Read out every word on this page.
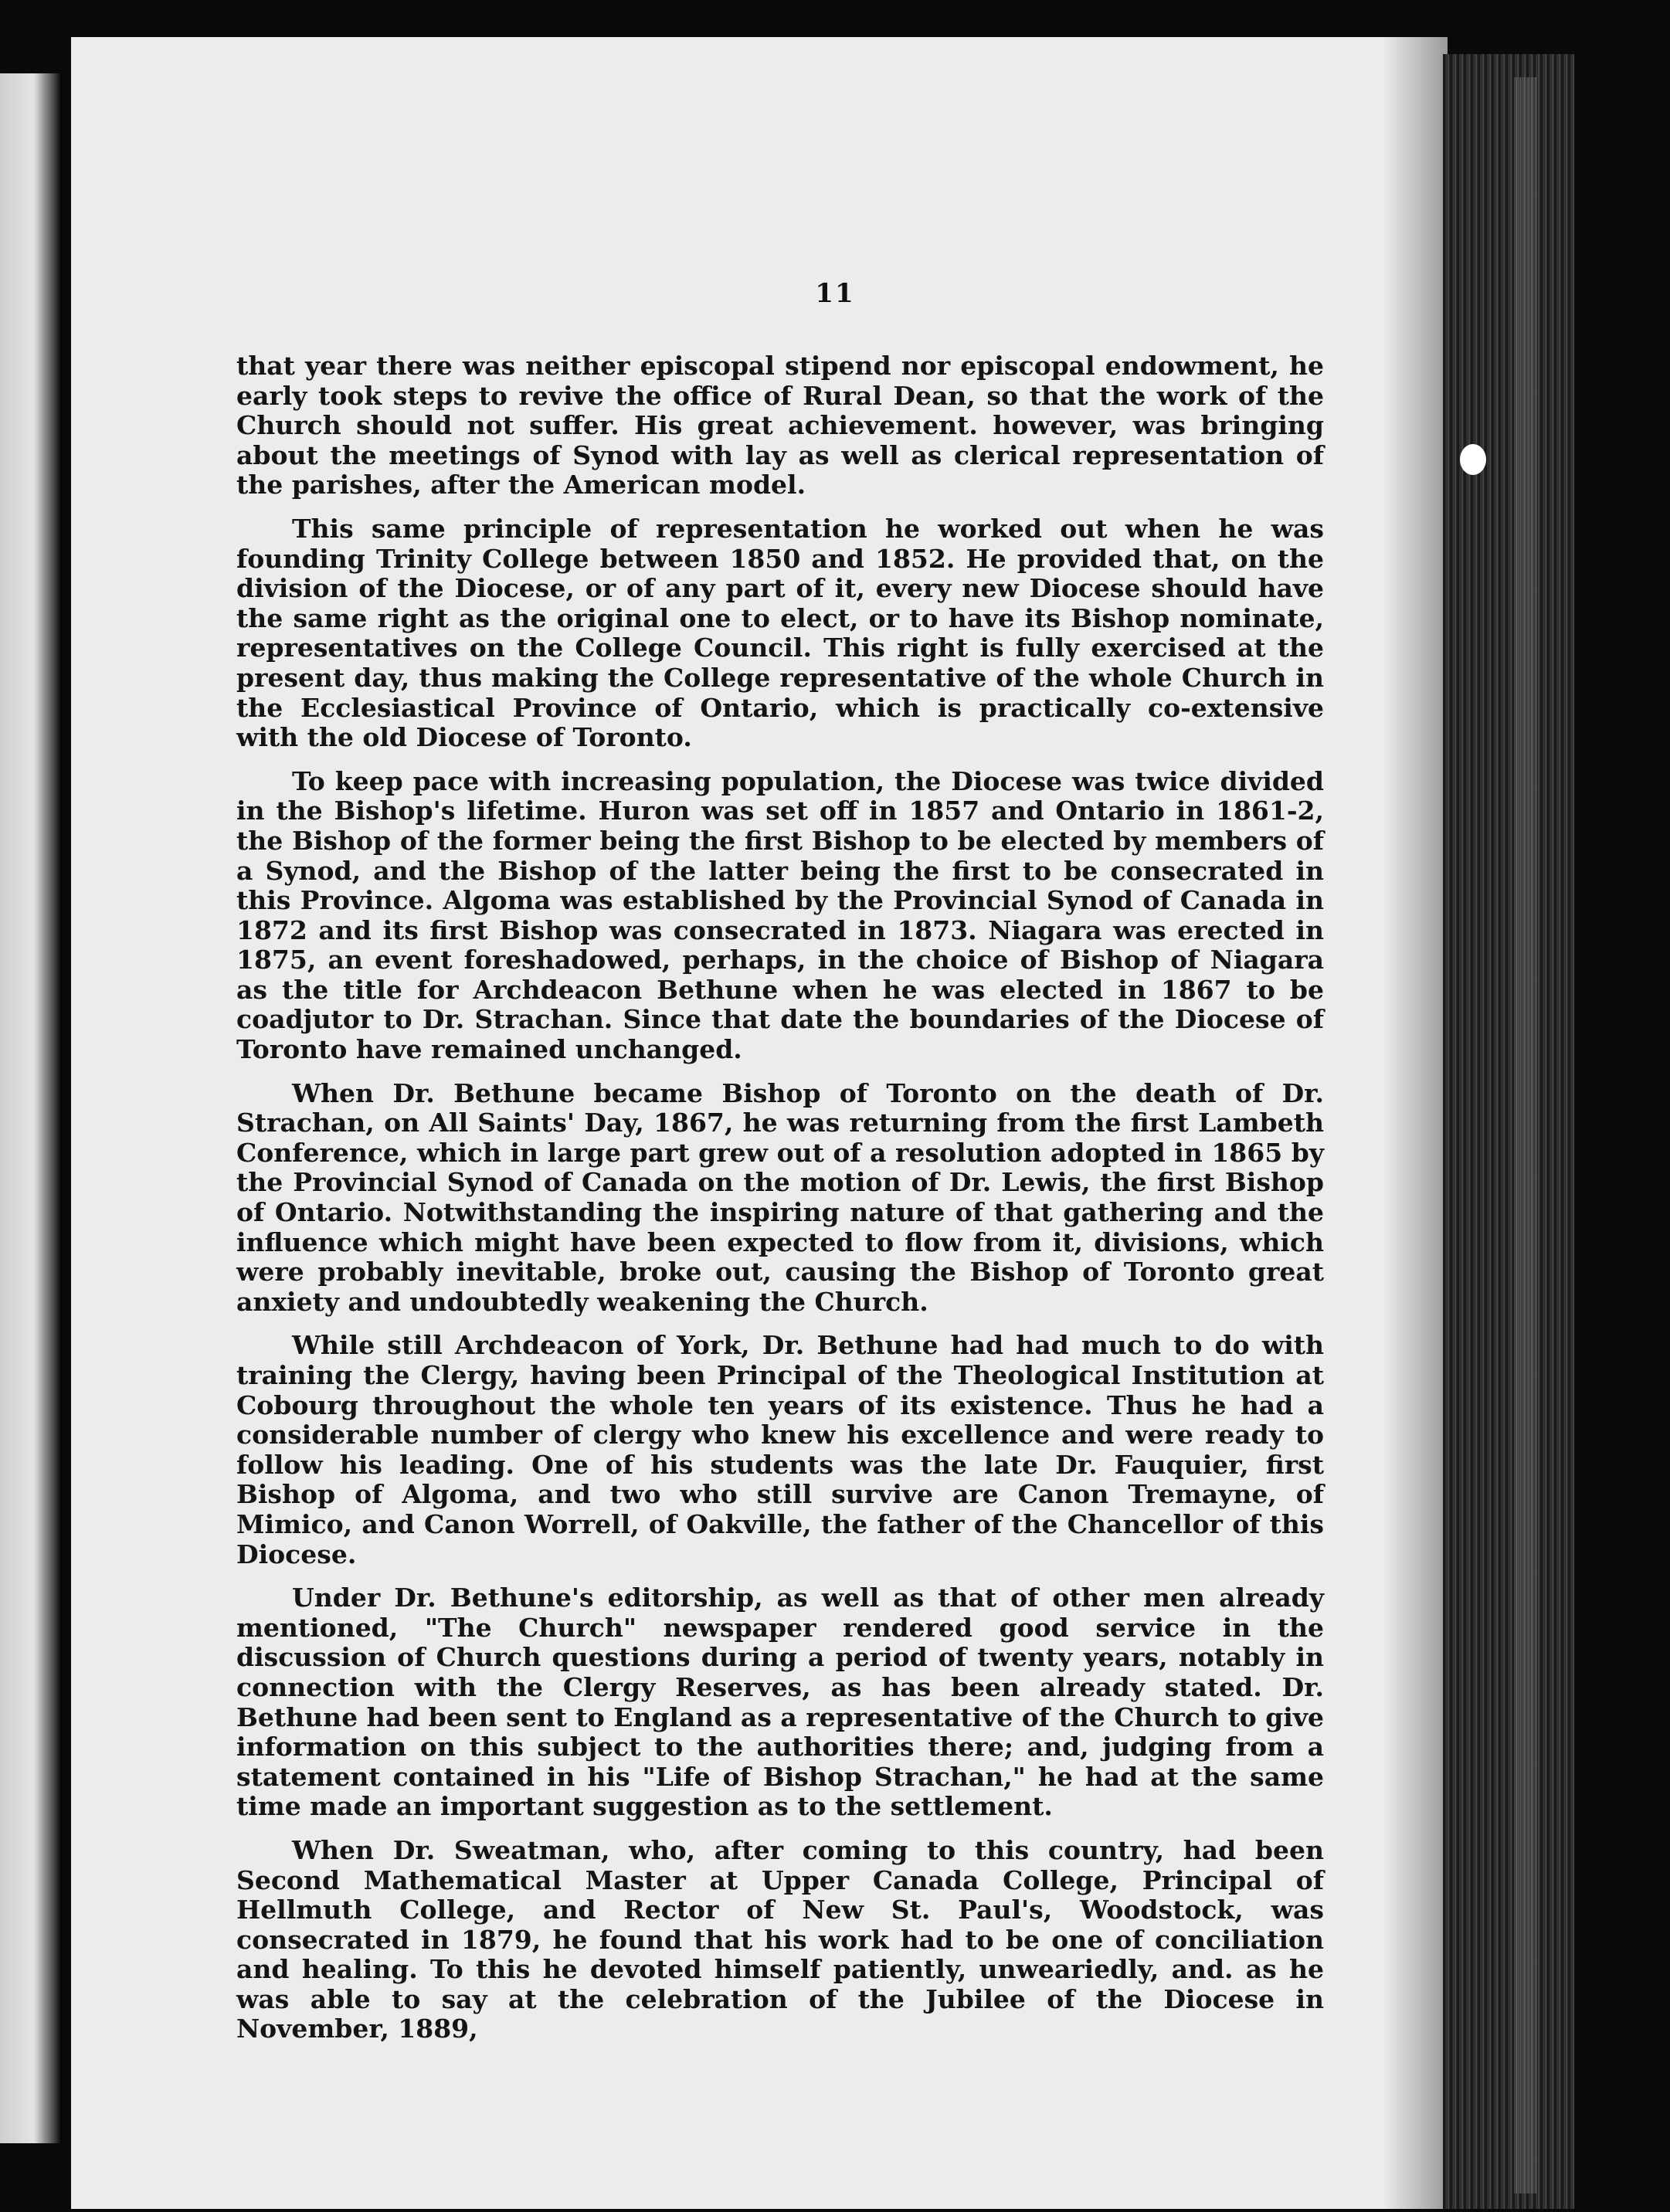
11

that year there was neither episcopal stipend nor episcopal endowment, he early took steps to revive the office of Rural Dean, so that the work of the Church should not suffer. His great achievement. however, was bringing about the meetings of Synod with lay as well as clerical representation of the parishes, after the American model.

This same principle of representation he worked out when he was founding Trinity College between 1850 and 1852. He provided that, on the division of the Diocese, or of any part of it, every new Diocese should have the same right as the original one to elect, or to have its Bishop nominate, representatives on the College Council. This right is fully exercised at the present day, thus making the College representative of the whole Church in the Ecclesiastical Province of Ontario, which is practically co-extensive with the old Diocese of Toronto.

To keep pace with increasing population, the Diocese was twice divided in the Bishop's lifetime. Huron was set off in 1857 and Ontario in 1861-2, the Bishop of the former being the first Bishop to be elected by members of a Synod, and the Bishop of the latter being the first to be consecrated in this Province. Algoma was established by the Provincial Synod of Canada in 1872 and its first Bishop was consecrated in 1873. Niagara was erected in 1875, an event foreshadowed, perhaps, in the choice of Bishop of Niagara as the title for Archdeacon Bethune when he was elected in 1867 to be coadjutor to Dr. Strachan. Since that date the boundaries of the Diocese of Toronto have remained unchanged.

When Dr. Bethune became Bishop of Toronto on the death of Dr. Strachan, on All Saints' Day, 1867, he was returning from the first Lambeth Conference, which in large part grew out of a resolution adopted in 1865 by the Provincial Synod of Canada on the motion of Dr. Lewis, the first Bishop of Ontario. Notwithstanding the inspiring nature of that gathering and the influence which might have been expected to flow from it, divisions, which were probably inevitable, broke out, causing the Bishop of Toronto great anxiety and undoubtedly weakening the Church.

While still Archdeacon of York, Dr. Bethune had had much to do with training the Clergy, having been Principal of the Theological Institution at Cobourg throughout the whole ten years of its existence. Thus he had a considerable number of clergy who knew his excellence and were ready to follow his leading. One of his students was the late Dr. Fauquier, first Bishop of Algoma, and two who still survive are Canon Tremayne, of Mimico, and Canon Worrell, of Oakville, the father of the Chancellor of this Diocese.

Under Dr. Bethune's editorship, as well as that of other men already mentioned, "The Church" newspaper rendered good service in the discussion of Church questions during a period of twenty years, notably in connection with the Clergy Reserves, as has been already stated. Dr. Bethune had been sent to England as a representative of the Church to give information on this subject to the authorities there; and, judging from a statement contained in his "Life of Bishop Strachan," he had at the same time made an important suggestion as to the settlement.

When Dr. Sweatman, who, after coming to this country, had been Second Mathematical Master at Upper Canada College, Principal of Hellmuth College, and Rector of New St. Paul's, Woodstock, was consecrated in 1879, he found that his work had to be one of conciliation and healing. To this he devoted himself patiently, unweariedly, and. as he was able to say at the celebration of the Jubilee of the Diocese in November, 1889,
